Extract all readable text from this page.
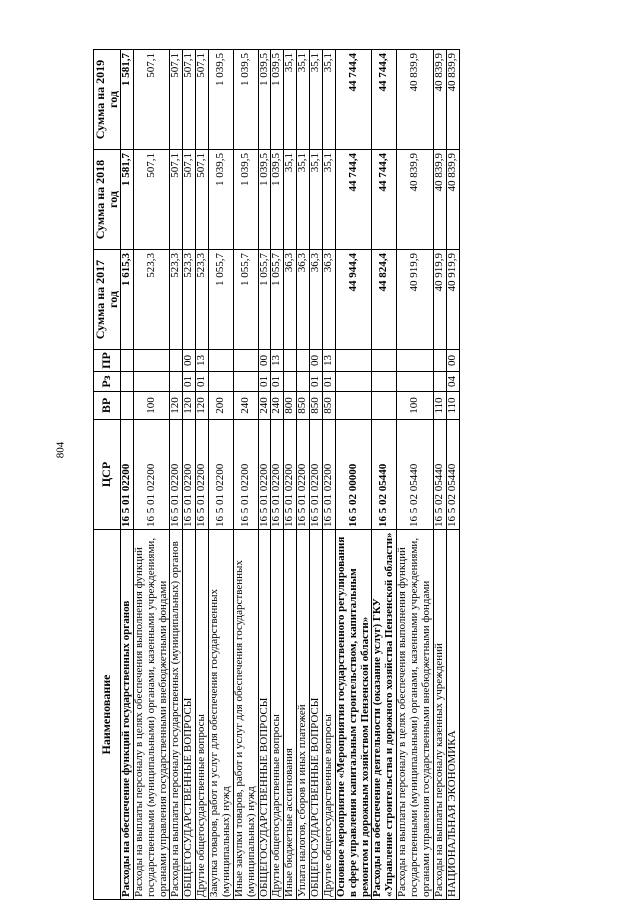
804
Наименование	ЦСР	ВР	Рз	ПР	Сумма на 2017 год	Сумма на 2018 год	Сумма на 2019 год
Расходы на обеспечение функций государственных органов	16 5 01 02200				1 615,3	1 581,7	1 581,7
Расходы на выплаты персоналу в целях обеспечения выполнения функций государственными (муниципальными) органами, казенными учреждениями, органами управления государственными внебюджетными фондами	16 5 01 02200	100			523,3	507,1	507,1
Расходы на выплаты персоналу государственных (муниципальных) органов	16 5 01 02200	120			523,3	507,1	507,1
ОБЩЕГОСУДАРСТВЕННЫЕ ВОПРОСЫ	16 5 01 02200	120	01	00	523,3	507,1	507,1
Другие общегосударственные вопросы	16 5 01 02200	120	01	13	523,3	507,1	507,1
Закупка товаров, работ и услуг для обеспечения государственных (муниципальных) нужд	16 5 01 02200	200			1 055,7	1 039,5	1 039,5
Иные закупки товаров, работ и услуг для обеспечения государственных (муниципальных) нужд	16 5 01 02200	240			1 055,7	1 039,5	1 039,5
ОБЩЕГОСУДАРСТВЕННЫЕ ВОПРОСЫ	16 5 01 02200	240	01	00	1 055,7	1 039,5	1 039,5
Другие общегосударственные вопросы	16 5 01 02200	240	01	13	1 055,7	1 039,5	1 039,5
Иные бюджетные ассигнования	16 5 01 02200	800			36,3	35,1	35,1
Уплата налогов, сборов и иных платежей	16 5 01 02200	850			36,3	35,1	35,1
ОБЩЕГОСУДАРСТВЕННЫЕ ВОПРОСЫ	16 5 01 02200	850	01	00	36,3	35,1	35,1
Другие общегосударственные вопросы	16 5 01 02200	850	01	13	36,3	35,1	35,1
Основное мероприятие «Мероприятия государственного регулирования в сфере управления капитальным строительством, капитальным ремонтом и дорожным хозяйством Пензенской области»	16 5 02 00000				44 944,4	44 744,4	44 744,4
Расходы на обеспечение деятельности (оказание услуг) ГКУ «Управление строительства и дорожного хозяйства Пензенской области»	16 5 02 05440				44 824,4	44 744,4	44 744,4
Расходы на выплаты персоналу в целях обеспечения выполнения функций государственными (муниципальными) органами, казенными учреждениями, органами управления государственными внебюджетными фондами	16 5 02 05440	100			40 919,9	40 839,9	40 839,9
Расходы на выплаты персоналу казенных учреждений	16 5 02 05440	110			40 919,9	40 839,9	40 839,9
НАЦИОНАЛЬНАЯ ЭКОНОМИКА	16 5 02 05440	110	04	00	40 919,9	40 839,9	40 839,9
